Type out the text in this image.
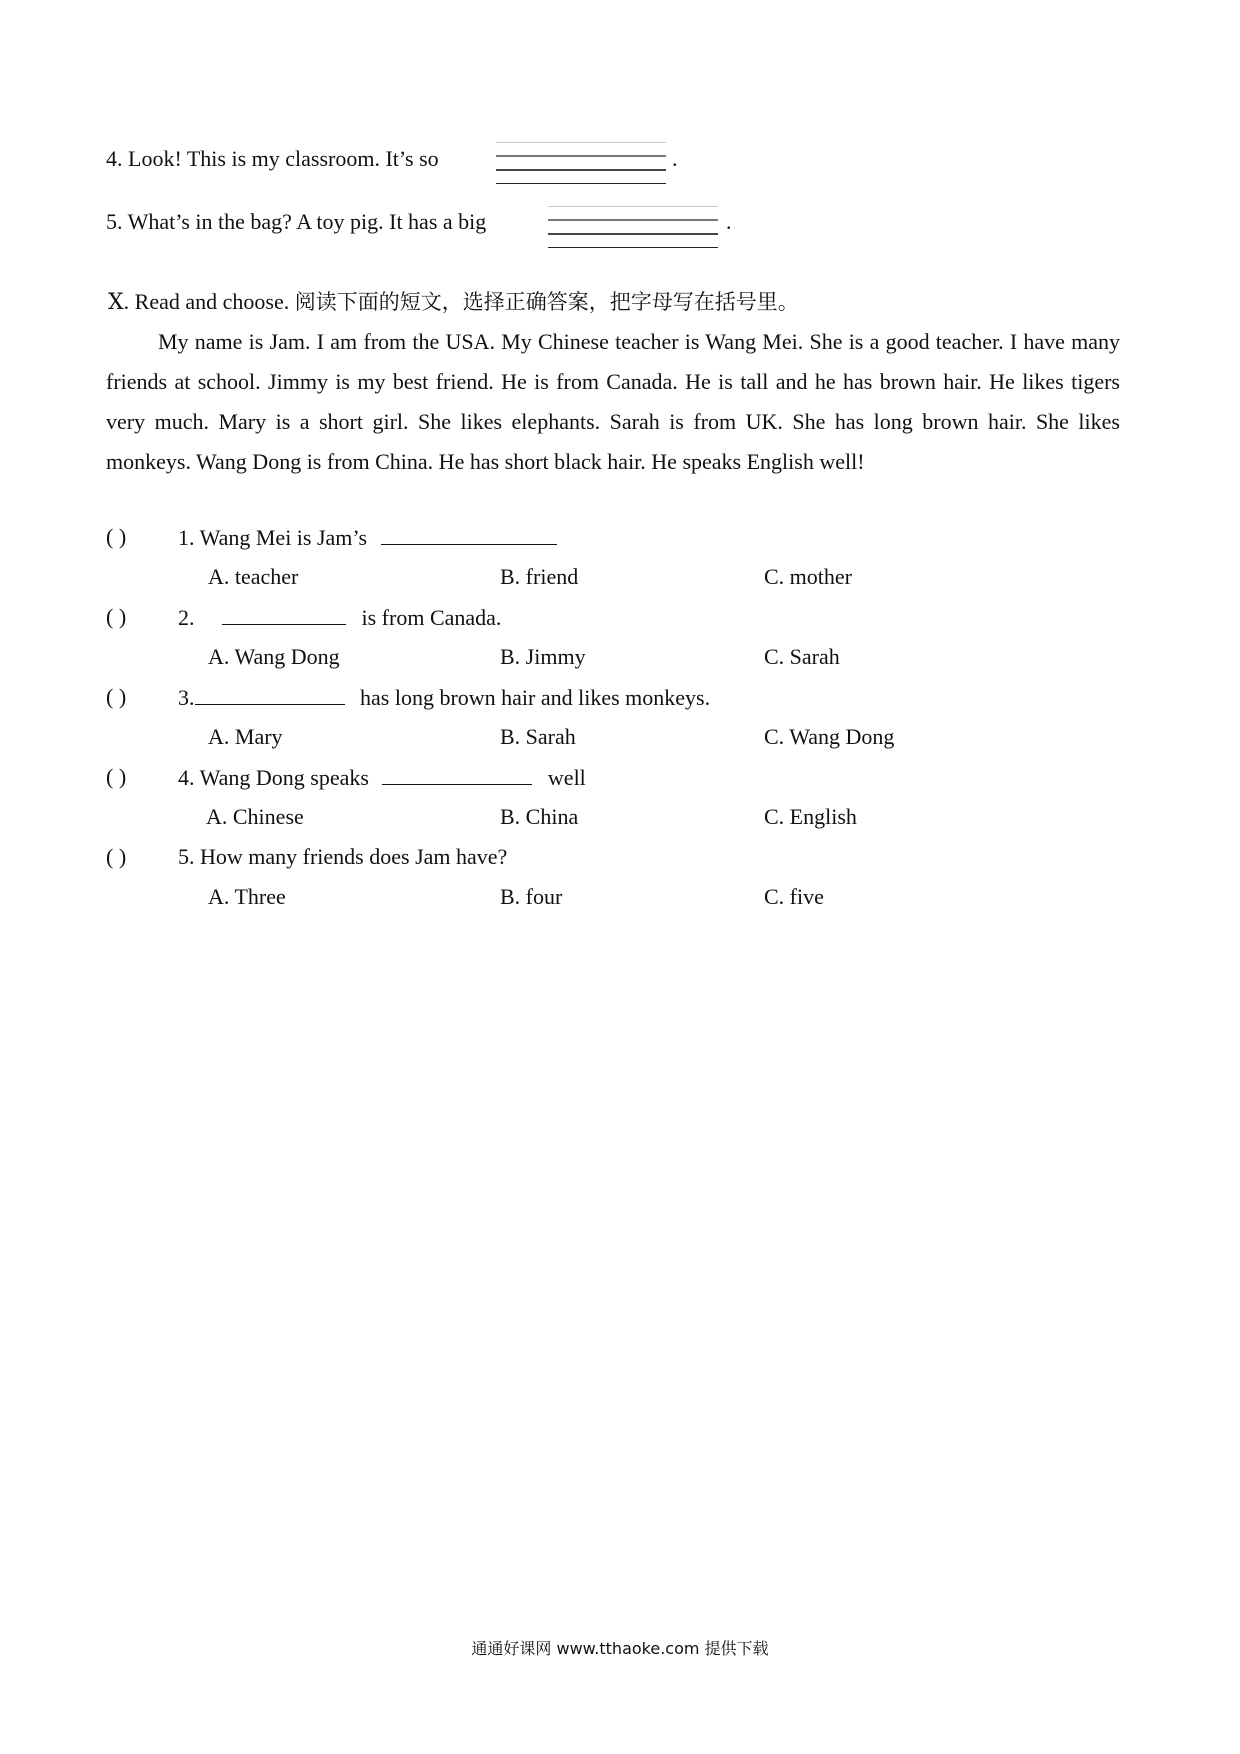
4. Look! This is my classroom. It’s so	.
5. What’s in the bag? A toy pig. It has a big	.
Ⅹ. Read and choose. 阅读下面的短文，选择正确答案，把字母写在括号里。
My name is Jam. I am from the USA. My Chinese teacher is Wang Mei. She is a good teacher. I have many friends at school. Jimmy is my best friend. He is from Canada. He is tall and he has brown hair. He likes tigers very much. Mary is a short girl. She likes elephants. Sarah is from UK. She has long brown hair. She likes monkeys. Wang Dong is from China. He has short black hair. He speaks English well!
( ) 1. Wang Mei is Jam’s
A. teacher	B. friend	C. mother
( ) 2.	is from Canada.
A. Wang Dong	B. Jimmy	C. Sarah
( ) 3.	has long brown hair and likes monkeys.
A. Mary	B. Sarah	C. Wang Dong
( ) 4. Wang Dong speaks	well
A. Chinese	B. China	C. English
( ) 5. How many friends does Jam have?
A. Three	B. four	C. five
通通好课网 www.tthaoke.com 提供下载
